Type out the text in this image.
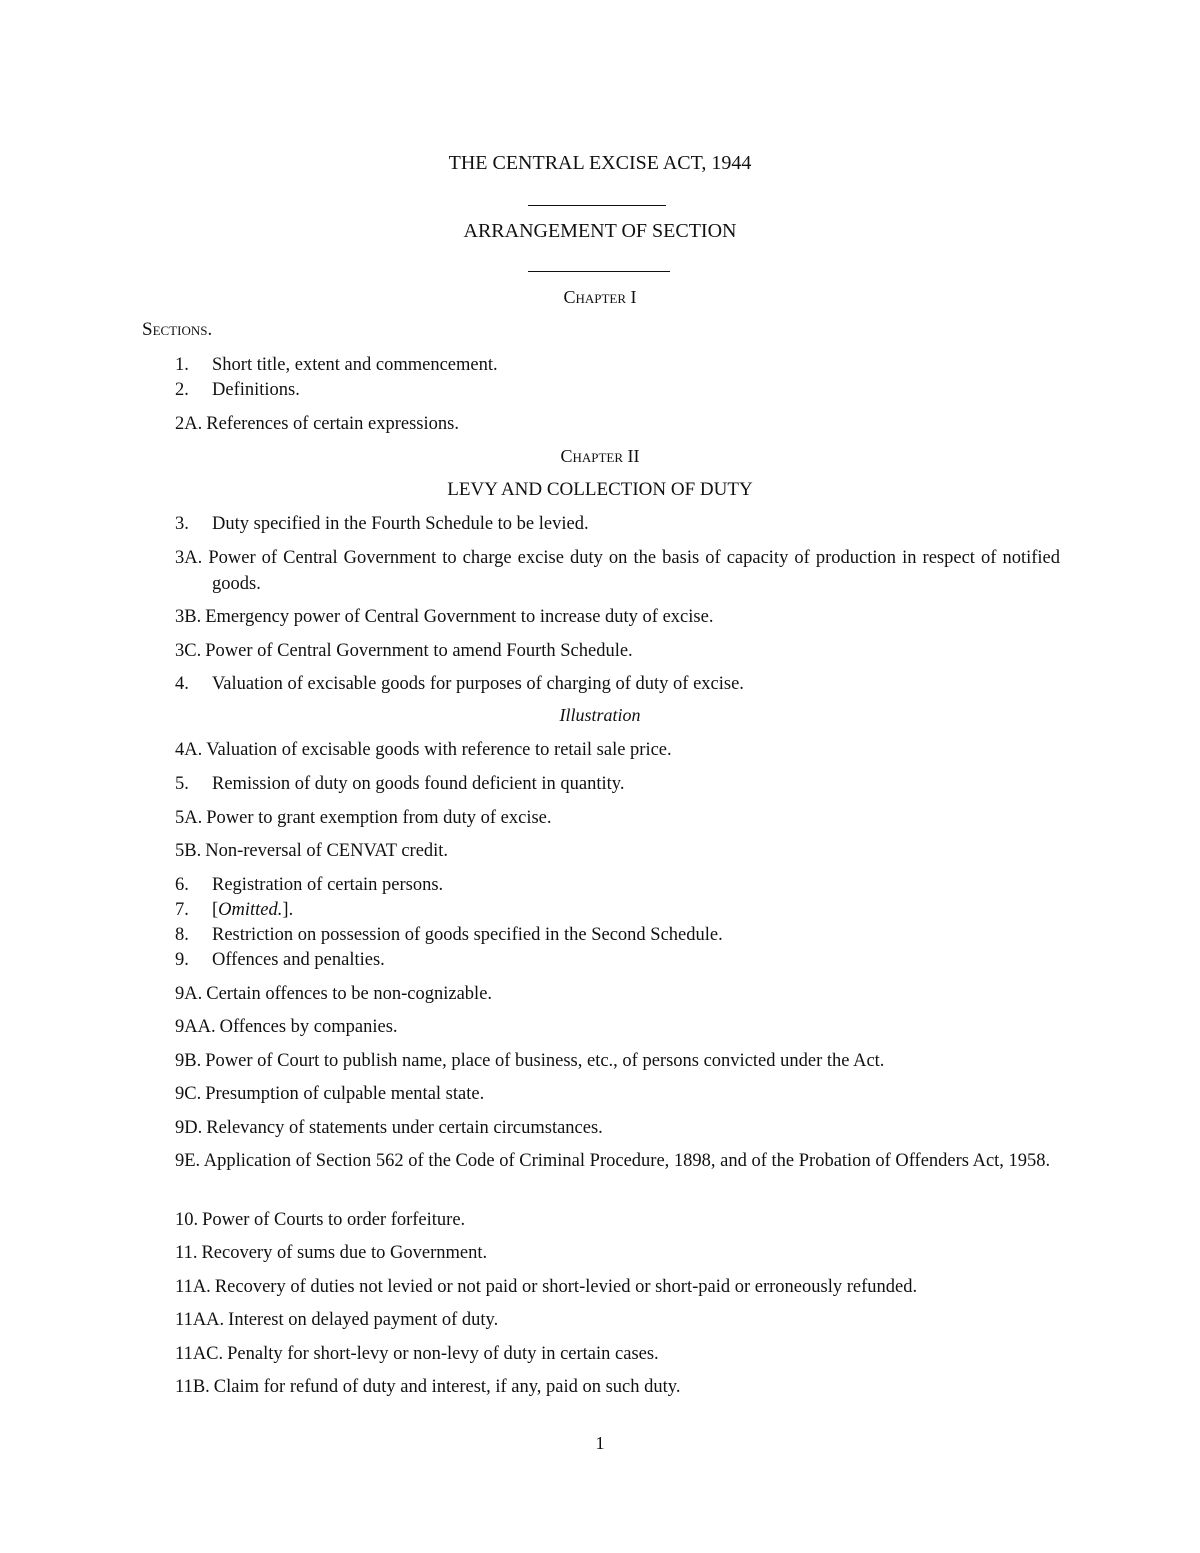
THE CENTRAL EXCISE ACT, 1944
ARRANGEMENT OF SECTION
Chapter I
Sections.
1. Short title, extent and commencement.
2. Definitions.
2A. References of certain expressions.
Chapter II
LEVY AND COLLECTION OF DUTY
3. Duty specified in the Fourth Schedule to be levied.
3A. Power of Central Government to charge excise duty on the basis of capacity of production in respect of notified goods.
3B. Emergency power of Central Government to increase duty of excise.
3C. Power of Central Government to amend Fourth Schedule.
4. Valuation of excisable goods for purposes of charging of duty of excise.
Illustration
4A. Valuation of excisable goods with reference to retail sale price.
5. Remission of duty on goods found deficient in quantity.
5A. Power to grant exemption from duty of excise.
5B. Non-reversal of CENVAT credit.
6. Registration of certain persons.
7. [Omitted.].
8. Restriction on possession of goods specified in the Second Schedule.
9. Offences and penalties.
9A. Certain offences to be non-cognizable.
9AA. Offences by companies.
9B. Power of Court to publish name, place of business, etc., of persons convicted under the Act.
9C. Presumption of culpable mental state.
9D. Relevancy of statements under certain circumstances.
9E. Application of Section 562 of the Code of Criminal Procedure, 1898, and of the Probation of Offenders Act, 1958.
10. Power of Courts to order forfeiture.
11. Recovery of sums due to Government.
11A. Recovery of duties not levied or not paid or short-levied or short-paid or erroneously refunded.
11AA. Interest on delayed payment of duty.
11AC. Penalty for short-levy or non-levy of duty in certain cases.
11B. Claim for refund of duty and interest, if any, paid on such duty.
1
